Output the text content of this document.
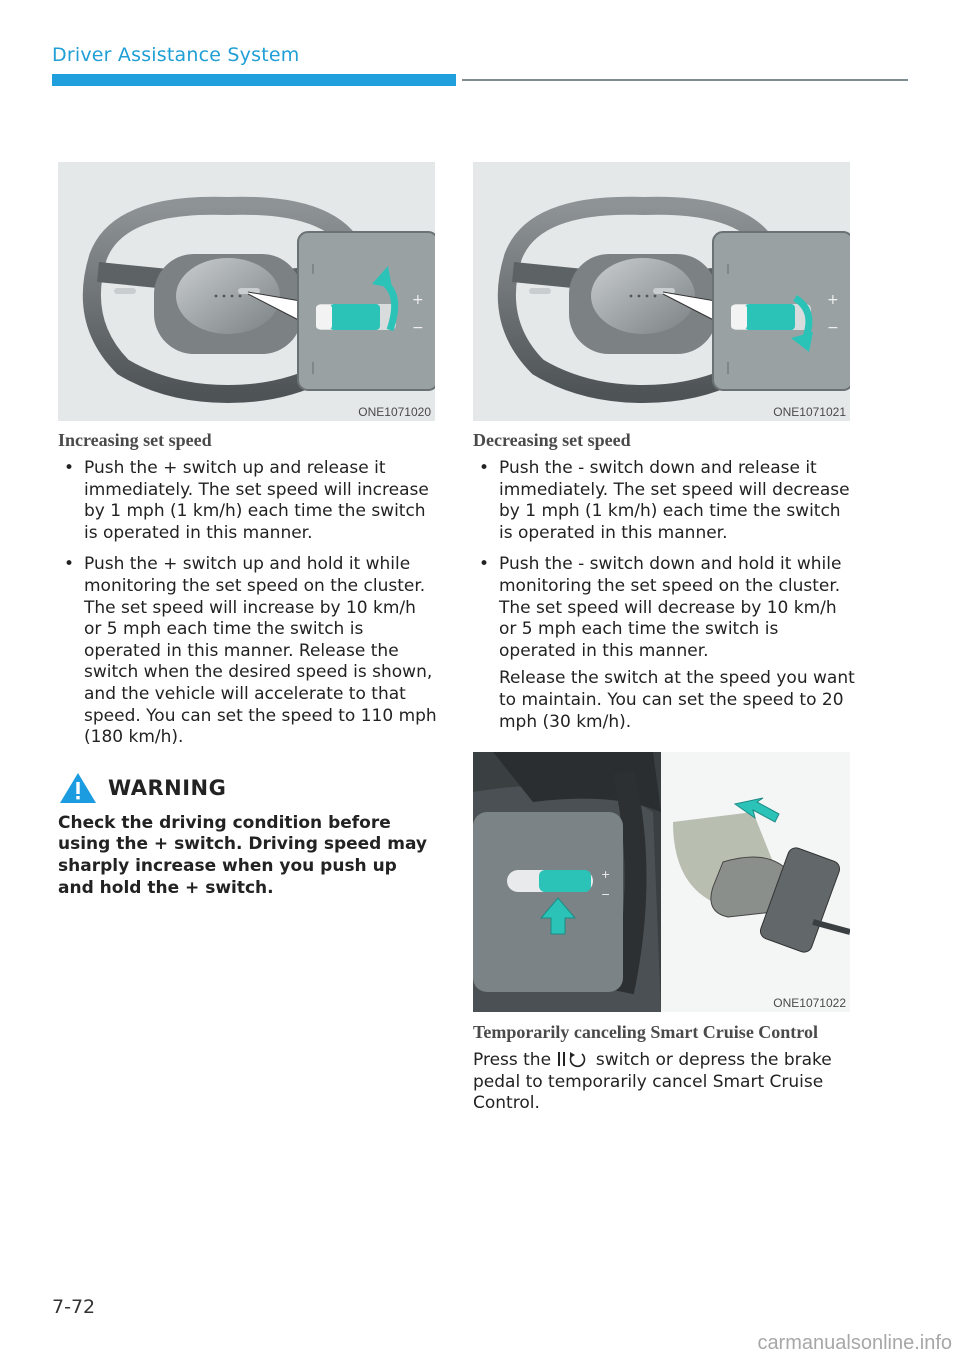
Driver Assistance System
+
−
ONE1071020
+
−
ONE1071021
+
−
ONE1071022
Increasing set speed
• Push the + switch up and release it immediately. The set speed will increase by 1 mph (1 km/h) each time the switch is operated in this manner.
• Push the + switch up and hold it while monitoring the set speed on the cluster. The set speed will increase by 10 km/h or 5 mph each time the switch is operated in this manner. Release the switch when the desired speed is shown, and the vehicle will accelerate to that speed. You can set the speed to 110 mph (180 km/h).
WARNING
Check the driving condition before using the + switch. Driving speed may sharply increase when you push up and hold the + switch.
Decreasing set speed
• Push the - switch down and release it immediately. The set speed will decrease by 1 mph (1 km/h) each time the switch is operated in this manner.
• Push the - switch down and hold it while monitoring the set speed on the cluster. The set speed will decrease by 10 km/h or 5 mph each time the switch is operated in this manner.
Release the switch at the speed you want to maintain. You can set the speed to 20 mph (30 km/h).
Temporarily canceling Smart Cruise Control
Press the  switch or depress the brake pedal to temporarily cancel Smart Cruise Control.
7-72
carmanualsonline.info
